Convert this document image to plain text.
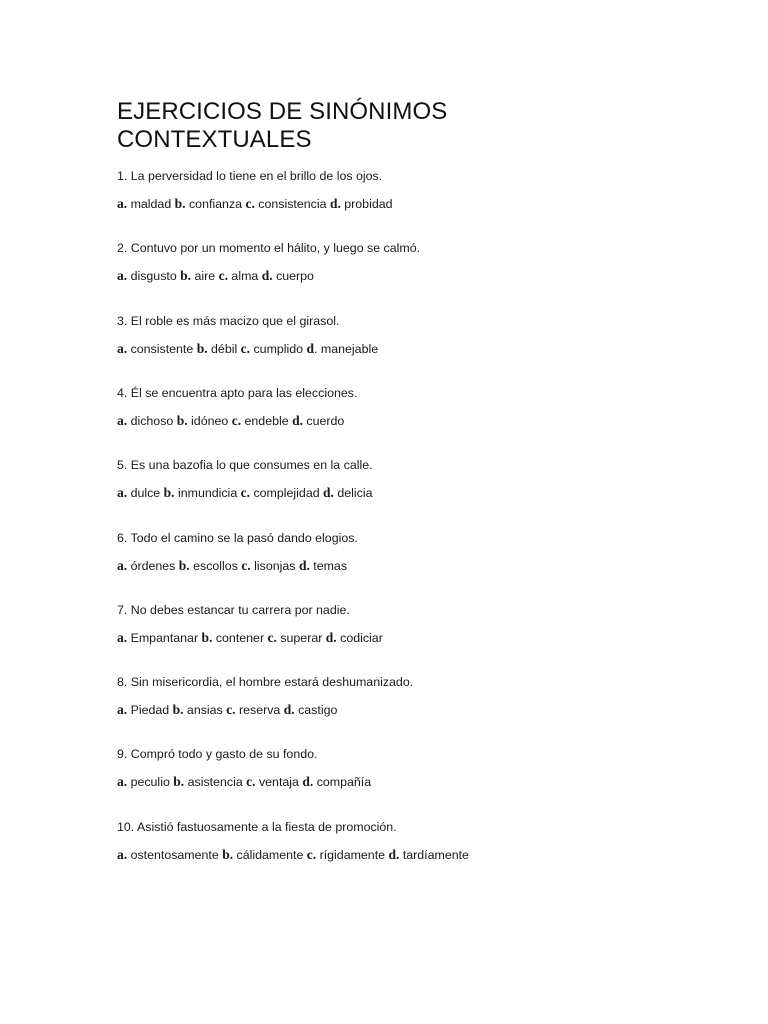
EJERCICIOS DE SINÓNIMOS
CONTEXTUALES
1. La perversidad lo tiene en el brillo de los ojos.
a. maldad b. confianza c. consistencia d. probidad
2. Contuvo por un momento el hálito, y luego se calmó.
a. disgusto b. aire c. alma d. cuerpo
3. El roble es más macizo que el girasol.
a. consistente b. débil c. cumplido d. manejable
4. Él se encuentra apto para las elecciones.
a. dichoso b. idóneo c. endeble d. cuerdo
5. Es una bazofia lo que consumes en la calle.
a. dulce b. inmundicia c. complejidad d. delicia
6. Todo el camino se la pasó dando elogios.
a. órdenes b. escollos c. lisonjas d. temas
7. No debes estancar tu carrera por nadie.
a. Empantanar b. contener c. superar d. codiciar
8. Sin misericordia, el hombre estará deshumanizado.
a. Piedad b. ansias c. reserva d. castigo
9. Compró todo y gasto de su fondo.
a. peculio b. asistencia c. ventaja d. compañía
10. Asistió fastuosamente a la fiesta de promoción.
a. ostentosamente b. cálidamente c. rígidamente d. tardíamente
